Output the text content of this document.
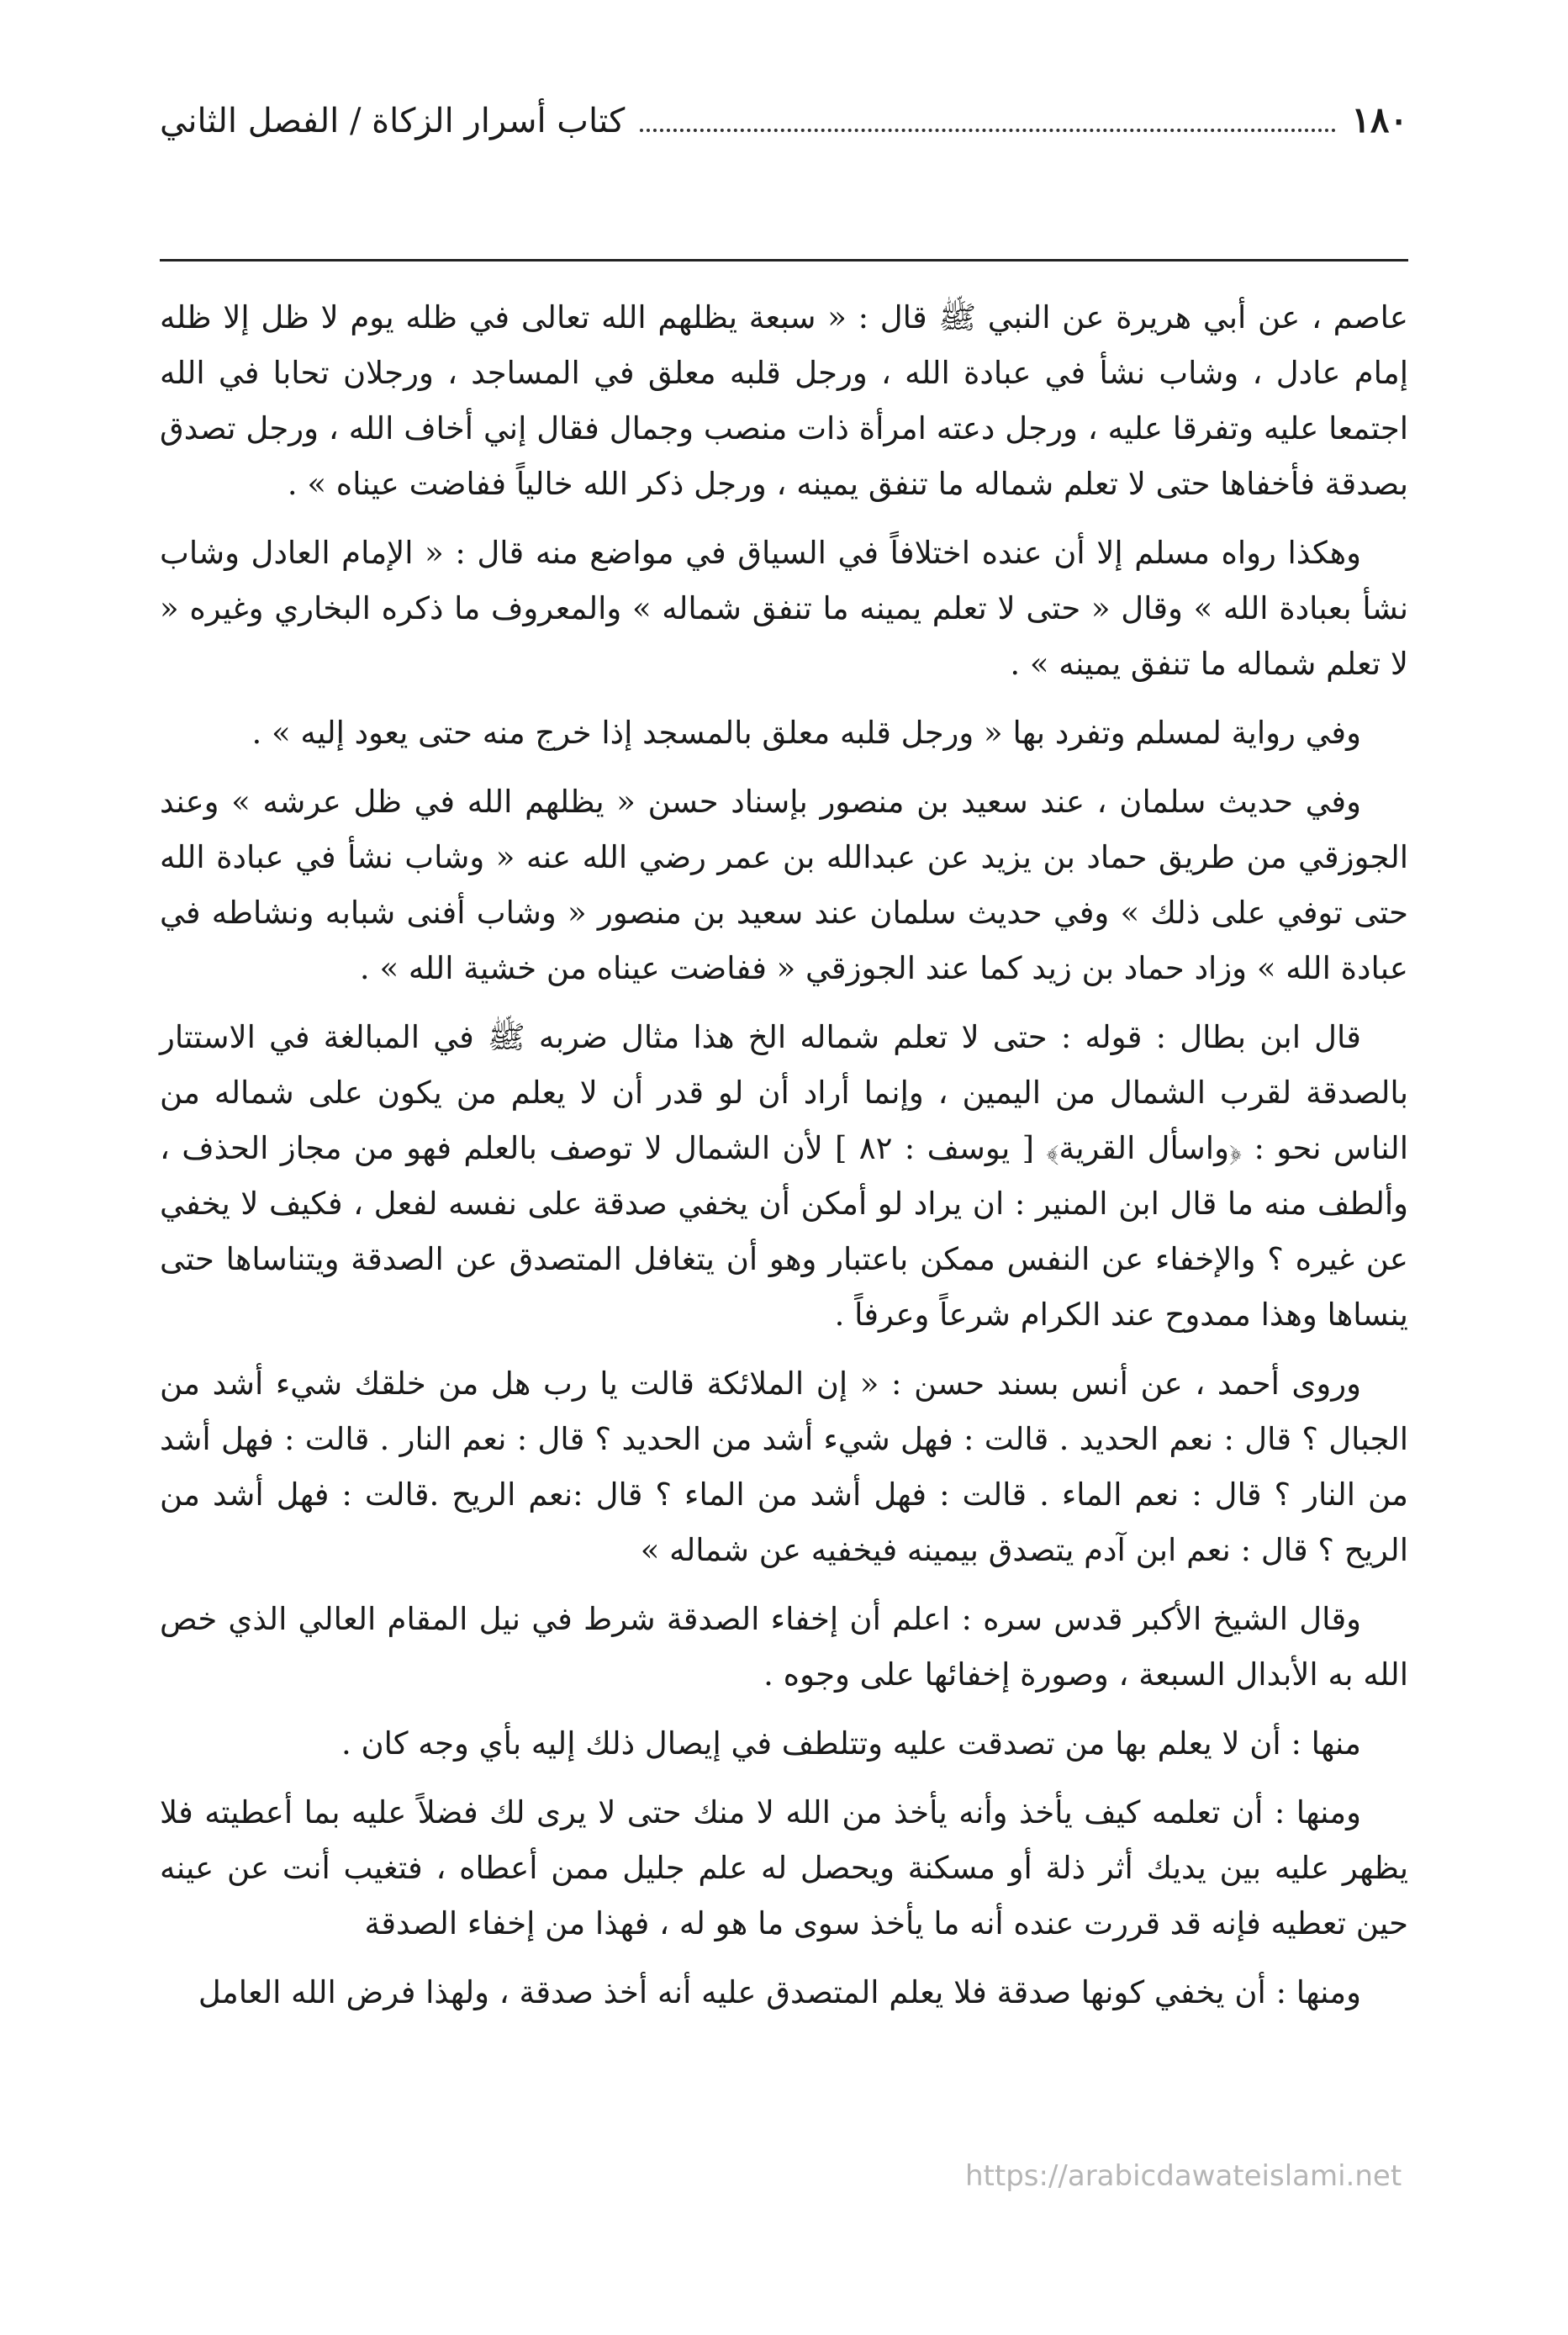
١٨٠
كتاب أسرار الزكاة / الفصل الثاني

عاصم ، عن أبي هريرة عن النبي ﷺ قال : « سبعة يظلهم الله تعالى في ظله يوم لا ظل إلا ظله إمام عادل ، وشاب نشأ في عبادة الله ، ورجل قلبه معلق في المساجد ، ورجلان تحابا في الله اجتمعا عليه وتفرقا عليه ، ورجل دعته امرأة ذات منصب وجمال فقال إني أخاف الله ، ورجل تصدق بصدقة فأخفاها حتى لا تعلم شماله ما تنفق يمينه ، ورجل ذكر الله خالياً ففاضت عيناه » .

وهكذا رواه مسلم إلا أن عنده اختلافاً في السياق في مواضع منه قال : « الإمام العادل وشاب نشأ بعبادة الله » وقال « حتى لا تعلم يمينه ما تنفق شماله » والمعروف ما ذكره البخاري وغيره « لا تعلم شماله ما تنفق يمينه » .

وفي رواية لمسلم وتفرد بها « ورجل قلبه معلق بالمسجد إذا خرج منه حتى يعود إليه » .

وفي حديث سلمان ، عند سعيد بن منصور بإسناد حسن « يظلهم الله في ظل عرشه » وعند الجوزقي من طريق حماد بن يزيد عن عبدالله بن عمر رضي الله عنه « وشاب نشأ في عبادة الله حتى توفي على ذلك » وفي حديث سلمان عند سعيد بن منصور « وشاب أفنى شبابه ونشاطه في عبادة الله » وزاد حماد بن زيد كما عند الجوزقي « ففاضت عيناه من خشية الله » .

قال ابن بطال : قوله : حتى لا تعلم شماله الخ هذا مثال ضربه ﷺ في المبالغة في الاستتار بالصدقة لقرب الشمال من اليمين ، وإنما أراد أن لو قدر أن لا يعلم من يكون على شماله من الناس نحو : ﴿واسأل القرية﴾ [ يوسف : ٨٢ ] لأن الشمال لا توصف بالعلم فهو من مجاز الحذف ، وألطف منه ما قال ابن المنير : ان يراد لو أمكن أن يخفي صدقة على نفسه لفعل ، فكيف لا يخفي عن غيره ؟ والإخفاء عن النفس ممكن باعتبار وهو أن يتغافل المتصدق عن الصدقة ويتناساها حتى ينساها وهذا ممدوح عند الكرام شرعاً وعرفاً .

وروى أحمد ، عن أنس بسند حسن : « إن الملائكة قالت يا رب هل من خلقك شيء أشد من الجبال ؟ قال : نعم الحديد . قالت : فهل شيء أشد من الحديد ؟ قال : نعم النار . قالت : فهل أشد من النار ؟ قال : نعم الماء . قالت : فهل أشد من الماء ؟ قال :نعم الريح .قالت : فهل أشد من الريح ؟ قال : نعم ابن آدم يتصدق بيمينه فيخفيه عن شماله »

وقال الشيخ الأكبر قدس سره : اعلم أن إخفاء الصدقة شرط في نيل المقام العالي الذي خص الله به الأبدال السبعة ، وصورة إخفائها على وجوه .

منها : أن لا يعلم بها من تصدقت عليه وتتلطف في إيصال ذلك إليه بأي وجه كان .

ومنها : أن تعلمه كيف يأخذ وأنه يأخذ من الله لا منك حتى لا يرى لك فضلاً عليه بما أعطيته فلا يظهر عليه بين يديك أثر ذلة أو مسكنة ويحصل له علم جليل ممن أعطاه ، فتغيب أنت عن عينه حين تعطيه فإنه قد قررت عنده أنه ما يأخذ سوى ما هو له ، فهذا من إخفاء الصدقة

ومنها : أن يخفي كونها صدقة فلا يعلم المتصدق عليه أنه أخذ صدقة ، ولهذا فرض الله العامل

https://arabicdawateislami.net
